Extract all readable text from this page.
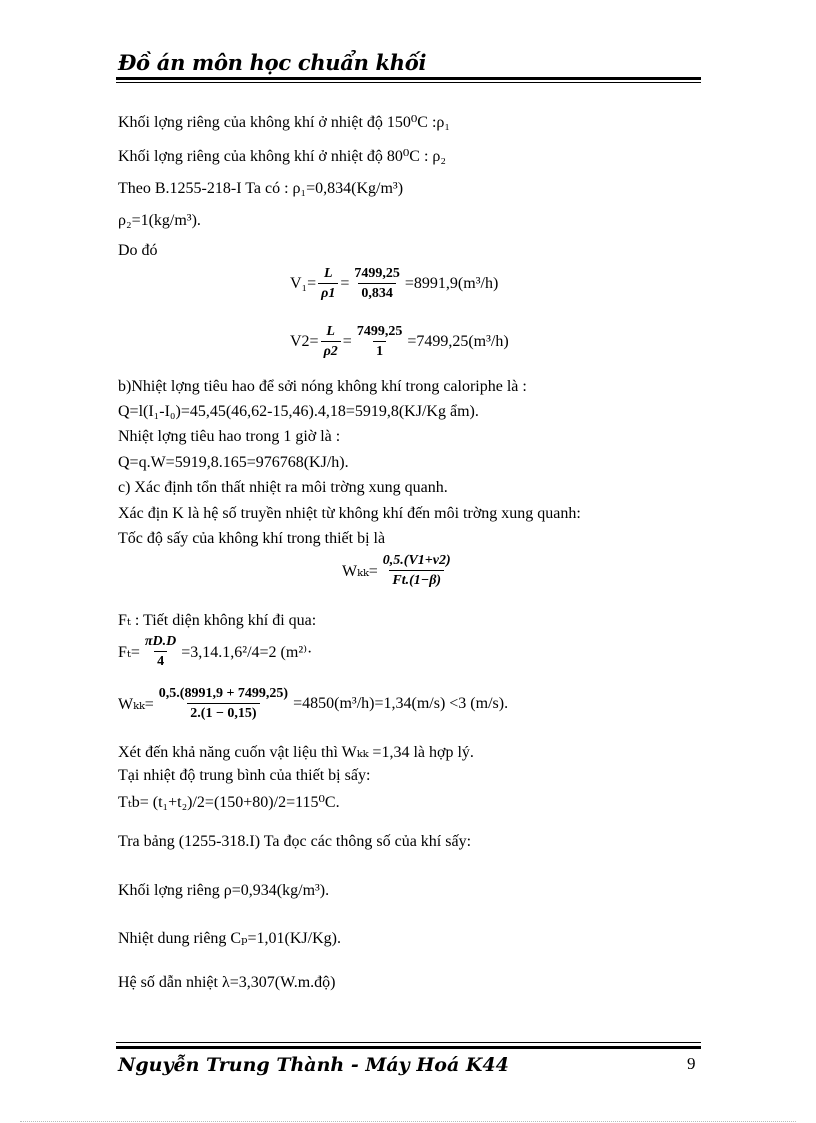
Đồ án môn học chuẩn khối
Khối lợng riêng của không khí ở nhiệt độ 150⁰C :ρ₁
Khối lợng riêng của không khí ở nhiệt độ 80⁰C : ρ₂
Theo B.1255-218-I Ta có : ρ₁=0,834(Kg/m³)
ρ₂=1(kg/m³).
Do đó
$V_1= \frac{L}{\rho 1} = \frac{7499,25}{0,834} =8991,9(m^3/h)$
$V2= \frac{L}{\rho 2} = \frac{7499,25}{1} =7499,25(m^3/h)$
b)Nhiệt lợng tiêu hao để sởi nóng không khí trong caloriphe là :
Q=l(I₁-I₀)=45,45(46,62-15,46).4,18=5919,8(KJ/Kg ẩm).
Nhiệt lợng tiêu hao trong 1 giờ là :
Q=q.W=5919,8.165=976768(KJ/h).
c) Xác định tổn thất nhiệt ra môi trờng xung quanh.
Xác địn K là hệ số truyền nhiệt từ không khí đến môi trờng xung quanh:
Tốc độ sấy của không khí trong thiết bị là
$W_{kk}= \frac{0,5.(V1+v2)}{Ft.(1-\beta)}$
Fₜ : Tiết diện không khí đi qua:
$F_t= \frac{\pi D.D}{4} =3,14.1,6^2/4=2$ (m²⁾·
$W_{kk}= \frac{0,5.(8991,9 + 7499,25)}{2.(1 - 0,15)} =4850(m^3/h)=1,34(m/s) <3$ (m/s).
Xét đến khả năng cuốn vật liệu thì Wₖₖ =1,34 là hợp lý.
Tại nhiệt độ trung bình của thiết bị sấy:
Tₜb= (t₁+t₂)/2=(150+80)/2=115⁰C.
Tra bảng (1255-318.I) Ta đọc các thông số của khí sấy:
Khối lợng riêng ρ=0,934(kg/m³).
Nhiệt dung riêng Cₚ=1,01(KJ/Kg).
Hệ số dẫn nhiệt λ=3,307(W.m.độ)
Nguyễn Trung Thành - Máy Hoá K44	9
